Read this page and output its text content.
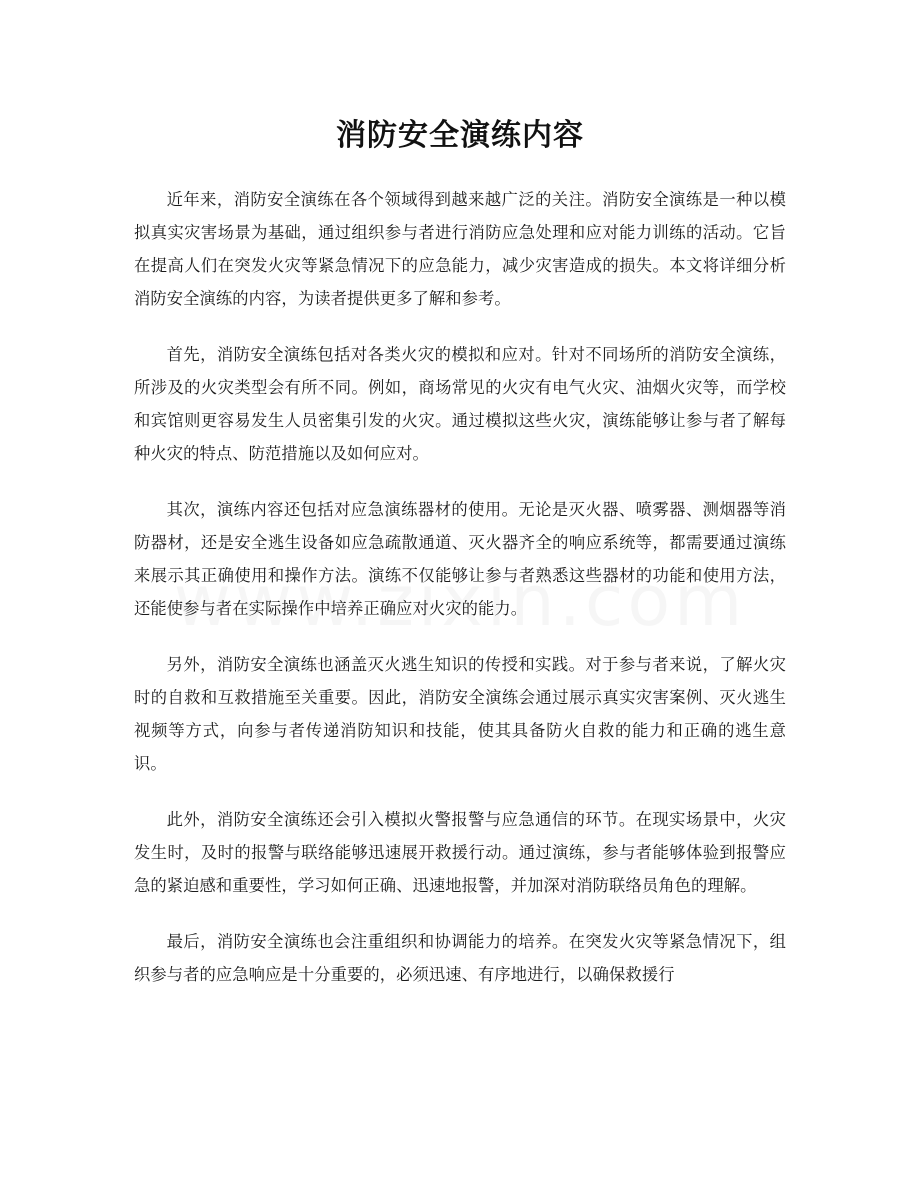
消防安全演练内容

近年来，消防安全演练在各个领域得到越来越广泛的关注。消防安全演练是一种以模拟真实灾害场景为基础，通过组织参与者进行消防应急处理和应对能力训练的活动。它旨在提高人们在突发火灾等紧急情况下的应急能力，减少灾害造成的损失。本文将详细分析消防安全演练的内容，为读者提供更多了解和参考。

首先，消防安全演练包括对各类火灾的模拟和应对。针对不同场所的消防安全演练，所涉及的火灾类型会有所不同。例如，商场常见的火灾有电气火灾、油烟火灾等，而学校和宾馆则更容易发生人员密集引发的火灾。通过模拟这些火灾，演练能够让参与者了解每种火灾的特点、防范措施以及如何应对。

其次，演练内容还包括对应急演练器材的使用。无论是灭火器、喷雾器、测烟器等消防器材，还是安全逃生设备如应急疏散通道、灭火器齐全的响应系统等，都需要通过演练来展示其正确使用和操作方法。演练不仅能够让参与者熟悉这些器材的功能和使用方法，还能使参与者在实际操作中培养正确应对火灾的能力。

另外，消防安全演练也涵盖灭火逃生知识的传授和实践。对于参与者来说，了解火灾时的自救和互救措施至关重要。因此，消防安全演练会通过展示真实灾害案例、灭火逃生视频等方式，向参与者传递消防知识和技能，使其具备防火自救的能力和正确的逃生意识。

此外，消防安全演练还会引入模拟火警报警与应急通信的环节。在现实场景中，火灾发生时，及时的报警与联络能够迅速展开救援行动。通过演练，参与者能够体验到报警应急的紧迫感和重要性，学习如何正确、迅速地报警，并加深对消防联络员角色的理解。

最后，消防安全演练也会注重组织和协调能力的培养。在突发火灾等紧急情况下，组织参与者的应急响应是十分重要的，必须迅速、有序地进行，以确保救援行
